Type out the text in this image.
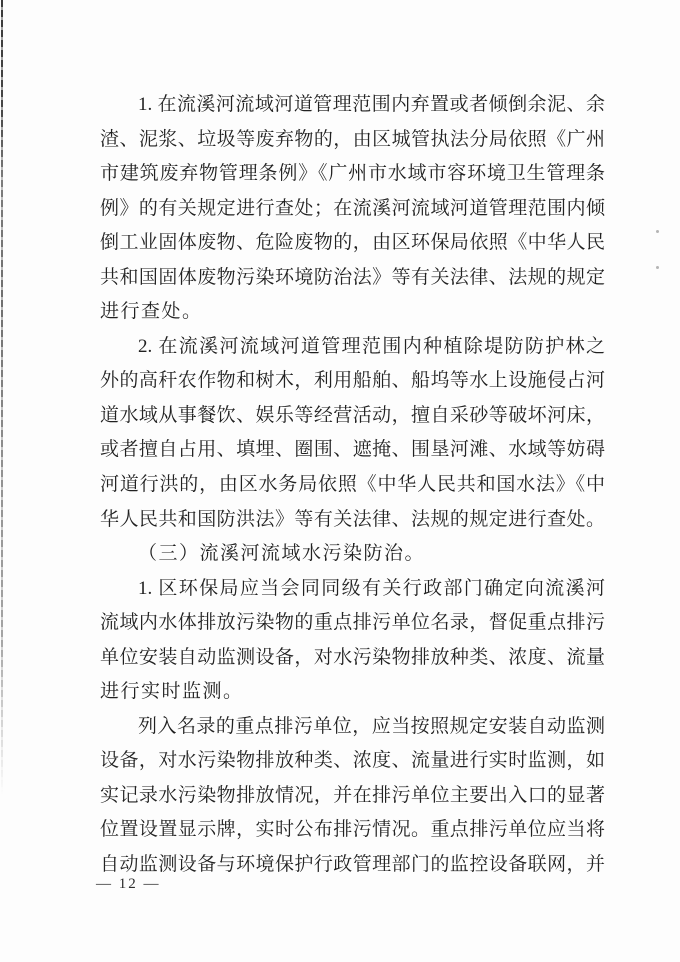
1. 在流溪河流域河道管理范围内弃置或者倾倒余泥、余
渣、泥浆、垃圾等废弃物的，由区城管执法分局依照《广州
市建筑废弃物管理条例》《广州市水域市容环境卫生管理条
例》的有关规定进行查处；在流溪河流域河道管理范围内倾
倒工业固体废物、危险废物的，由区环保局依照《中华人民
共和国固体废物污染环境防治法》等有关法律、法规的规定
进行查处。
2. 在流溪河流域河道管理范围内种植除堤防防护林之
外的高秆农作物和树木，利用船舶、船坞等水上设施侵占河
道水域从事餐饮、娱乐等经营活动，擅自采砂等破坏河床，
或者擅自占用、填埋、圈围、遮掩、围垦河滩、水域等妨碍
河道行洪的，由区水务局依照《中华人民共和国水法》《中
华人民共和国防洪法》等有关法律、法规的规定进行查处。
（三）流溪河流域水污染防治。
1. 区环保局应当会同同级有关行政部门确定向流溪河
流域内水体排放污染物的重点排污单位名录，督促重点排污
单位安装自动监测设备，对水污染物排放种类、浓度、流量
进行实时监测。
列入名录的重点排污单位，应当按照规定安装自动监测
设备，对水污染物排放种类、浓度、流量进行实时监测，如
实记录水污染物排放情况，并在排污单位主要出入口的显著
位置设置显示牌，实时公布排污情况。重点排污单位应当将
自动监测设备与环境保护行政管理部门的监控设备联网，并
— 12 —
